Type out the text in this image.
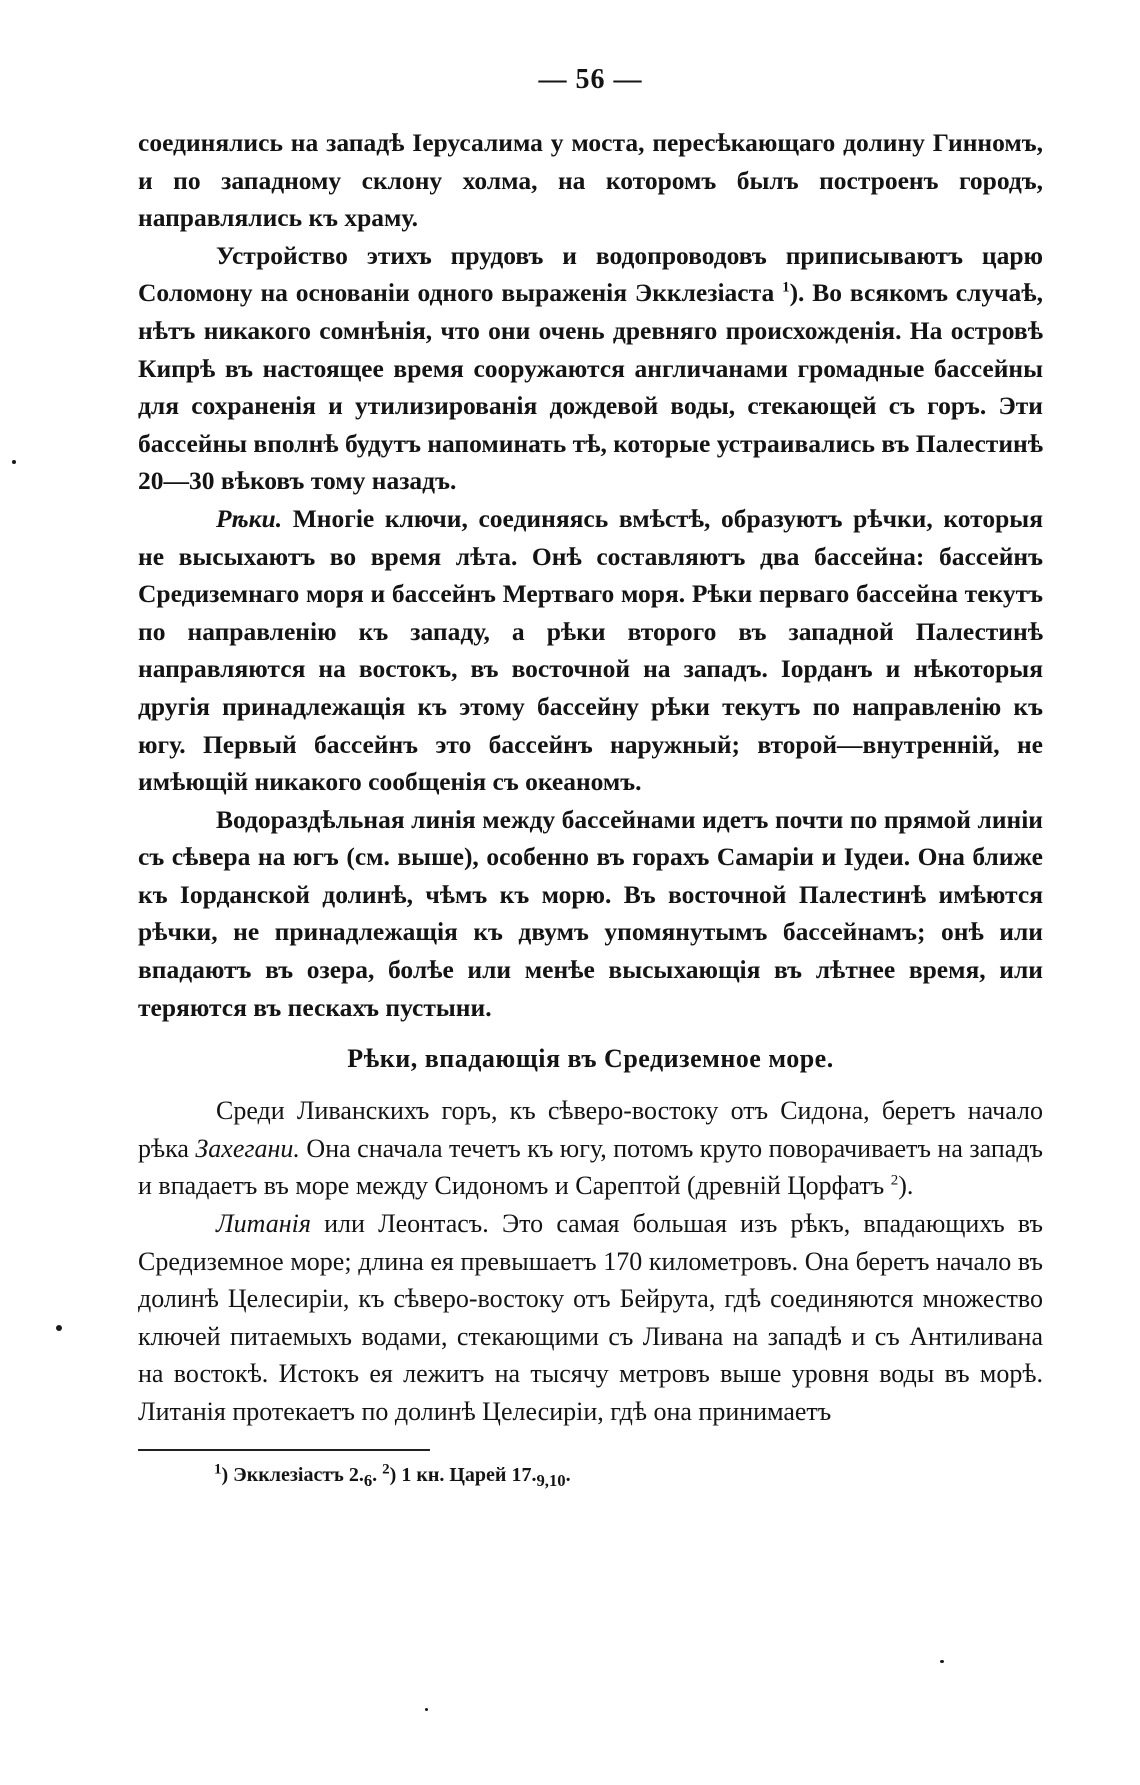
— 56 —

соединялись на западѣ Іерусалима у моста, пересѣкающаго долину Гинномъ, и по западному склону холма, на которомъ былъ построенъ городъ, направлялись къ храму.

Устройство этихъ прудовъ и водопроводовъ приписываютъ царю Соломону на основаніи одного выраженія Экклезіаста $^1$). Во всякомъ случаѣ, нѣтъ никакого сомнѣнія, что они очень древняго происхожденія. На островѣ Кипрѣ въ настоящее время сооружаются англичанами громадные бассейны для сохраненія и утилизированія дождевой воды, стекающей съ горъ. Эти бассейны вполнѣ будутъ напоминать тѣ, которые устраивались въ Палестинѣ 20—30 вѣковъ тому назадъ.

Рѣки. Многіе ключи, соединяясь вмѣстѣ, образуютъ рѣчки, которыя не высыхаютъ во время лѣта. Онѣ составляютъ два бассейна: бассейнъ Средиземнаго моря и бассейнъ Мертваго моря. Рѣки перваго бассейна текутъ по направленію къ западу, а рѣки второго въ западной Палестинѣ направляются на востокъ, въ восточной на западъ. Іорданъ и нѣкоторыя другія принадлежащія къ этому бассейну рѣки текутъ по направленію къ югу. Первый бассейнъ это бассейнъ наружный; второй—внутренній, не имѣющій никакого сообщенія съ океаномъ.

Водораздѣльная линія между бассейнами идетъ почти по прямой линіи съ сѣвера на югъ (см. выше), особенно въ горахъ Самаріи и Іудеи. Она ближе къ Іорданской долинѣ, чѣмъ къ морю. Въ восточной Палестинѣ имѣются рѣчки, не принадлежащія къ двумъ упомянутымъ бассейнамъ; онѣ или впадаютъ въ озера, болѣе или менѣе высыхающія въ лѣтнее время, или теряются въ пескахъ пустыни.

Рѣки, впадающія въ Средиземное море.

Среди Ливанскихъ горъ, къ сѣверо-востоку отъ Сидона, беретъ начало рѣка Захегани. Она сначала течетъ къ югу, потомъ круто поворачиваетъ на западъ и впадаетъ въ море между Сидономъ и Сарептой (древній Цорфатъ $^2$).

Литанія или Леонтасъ. Это самая большая изъ рѣкъ, впадающихъ въ Средиземное море; длина ея превышаетъ 170 километровъ. Она беретъ начало въ долинѣ Целесиріи, къ сѣверо-востоку отъ Бейрута, гдѣ соединяются множество ключей питаемыхъ водами, стекающими съ Ливана на западѣ и съ Антиливана на востокѣ. Истокъ ея лежитъ на тысячу метровъ выше уровня воды въ морѣ. Литанія протекаетъ по долинѣ Целесиріи, гдѣ она принимаетъ

$^1$) Экклезіастъ $2._6$. $^2$) 1 кн. Царей $17._{9,10}$.
